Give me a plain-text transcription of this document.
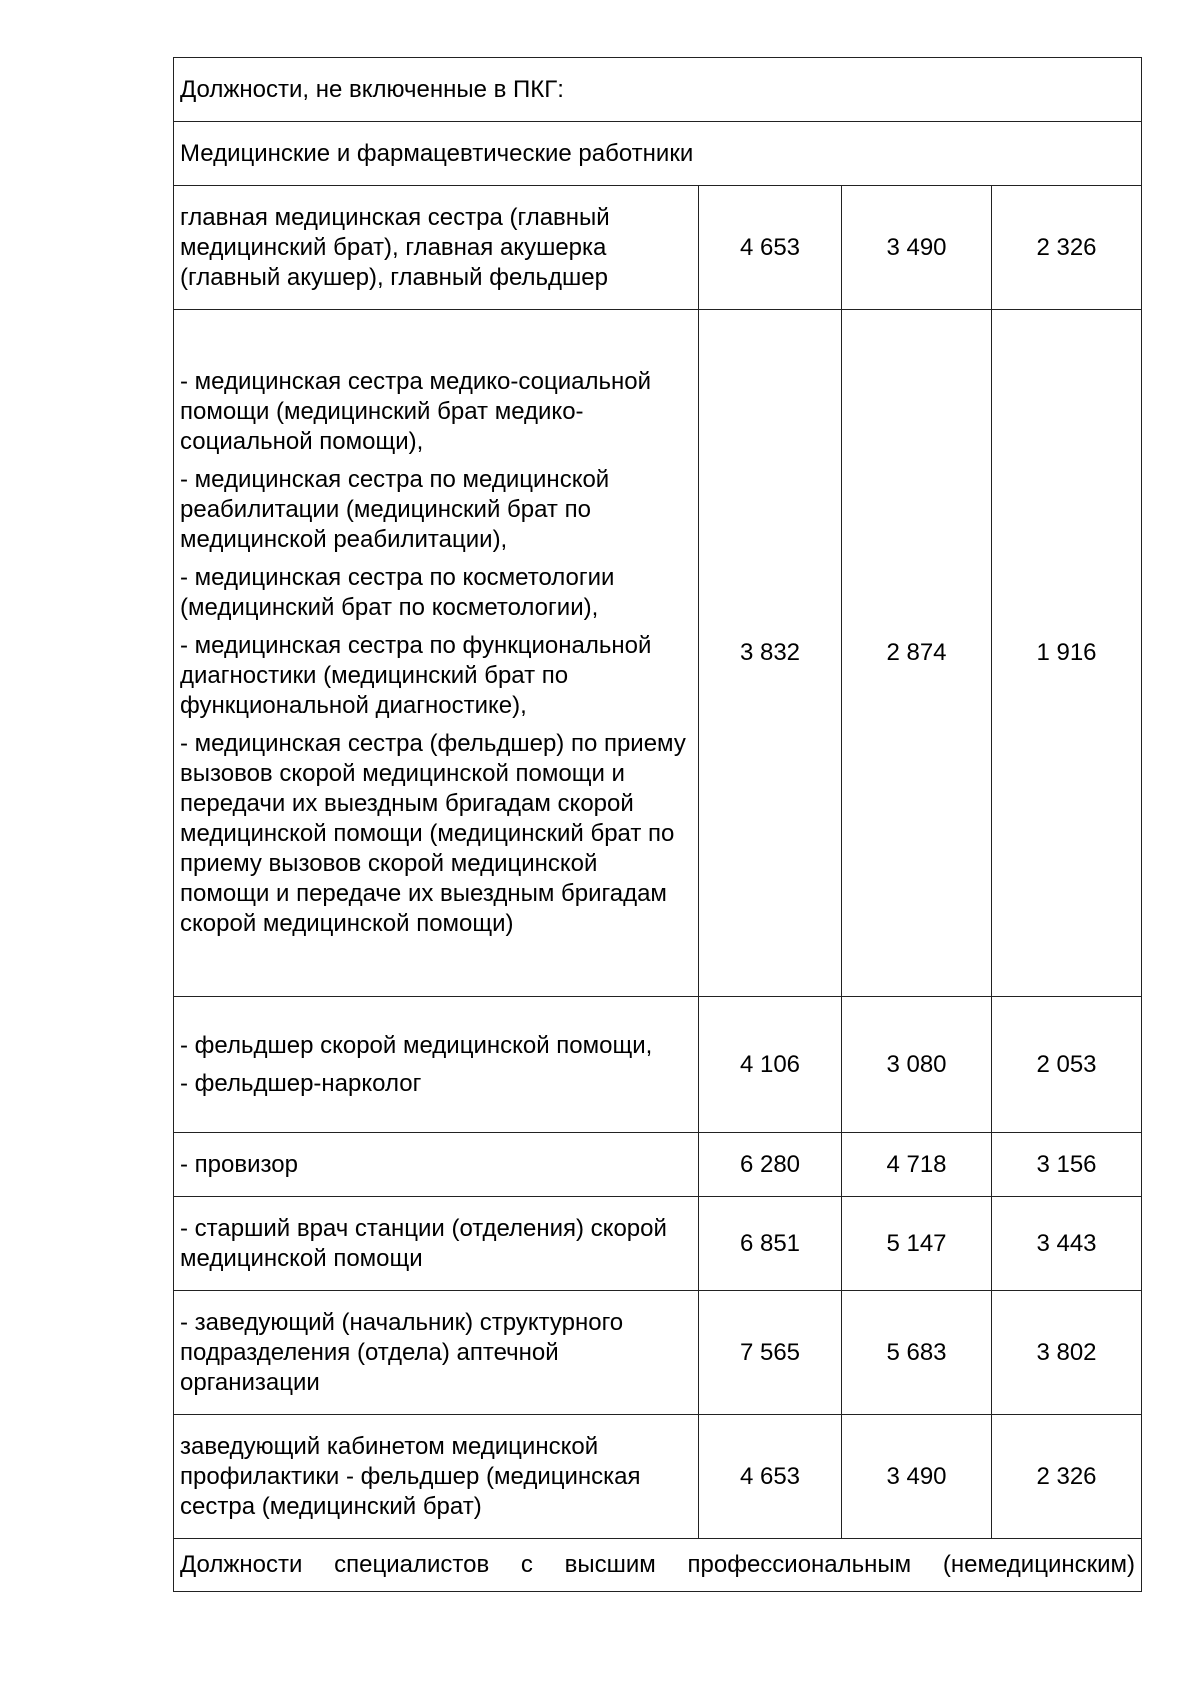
Должности, не включенные в ПКГ:			
Медицинские и фармацевтические работники			

главная медицинская сестра (главный медицинский брат), главная акушерка (главный акушер), главный фельдшер	4 653	3 490	2 326

- медицинская сестра медико-социальной помощи (медицинский брат медико-социальной помощи),
- медицинская сестра по медицинской реабилитации (медицинский брат по медицинской реабилитации),
- медицинская сестра по косметологии (медицинский брат по косметологии),
- медицинская сестра по функциональной диагностики (медицинский брат по функциональной диагностике),
- медицинская сестра (фельдшер) по приему вызовов скорой медицинской помощи и передачи их выездным бригадам скорой медицинской помощи (медицинский брат по приему вызовов скорой медицинской помощи и передаче их выездным бригадам скорой медицинской помощи)	3 832	2 874	1 916

- фельдшер скорой медицинской помощи,
- фельдшер-нарколог	4 106	3 080	2 053

- провизор	6 280	4 718	3 156

- старший врач станции (отделения) скорой медицинской помощи	6 851	5 147	3 443

- заведующий (начальник) структурного подразделения (отдела) аптечной организации	7 565	5 683	3 802

заведующий кабинетом медицинской профилактики - фельдшер (медицинская сестра (медицинский брат)	4 653	3 490	2 326
Должности специалистов с высшим профессиональным (немедицинским)			
